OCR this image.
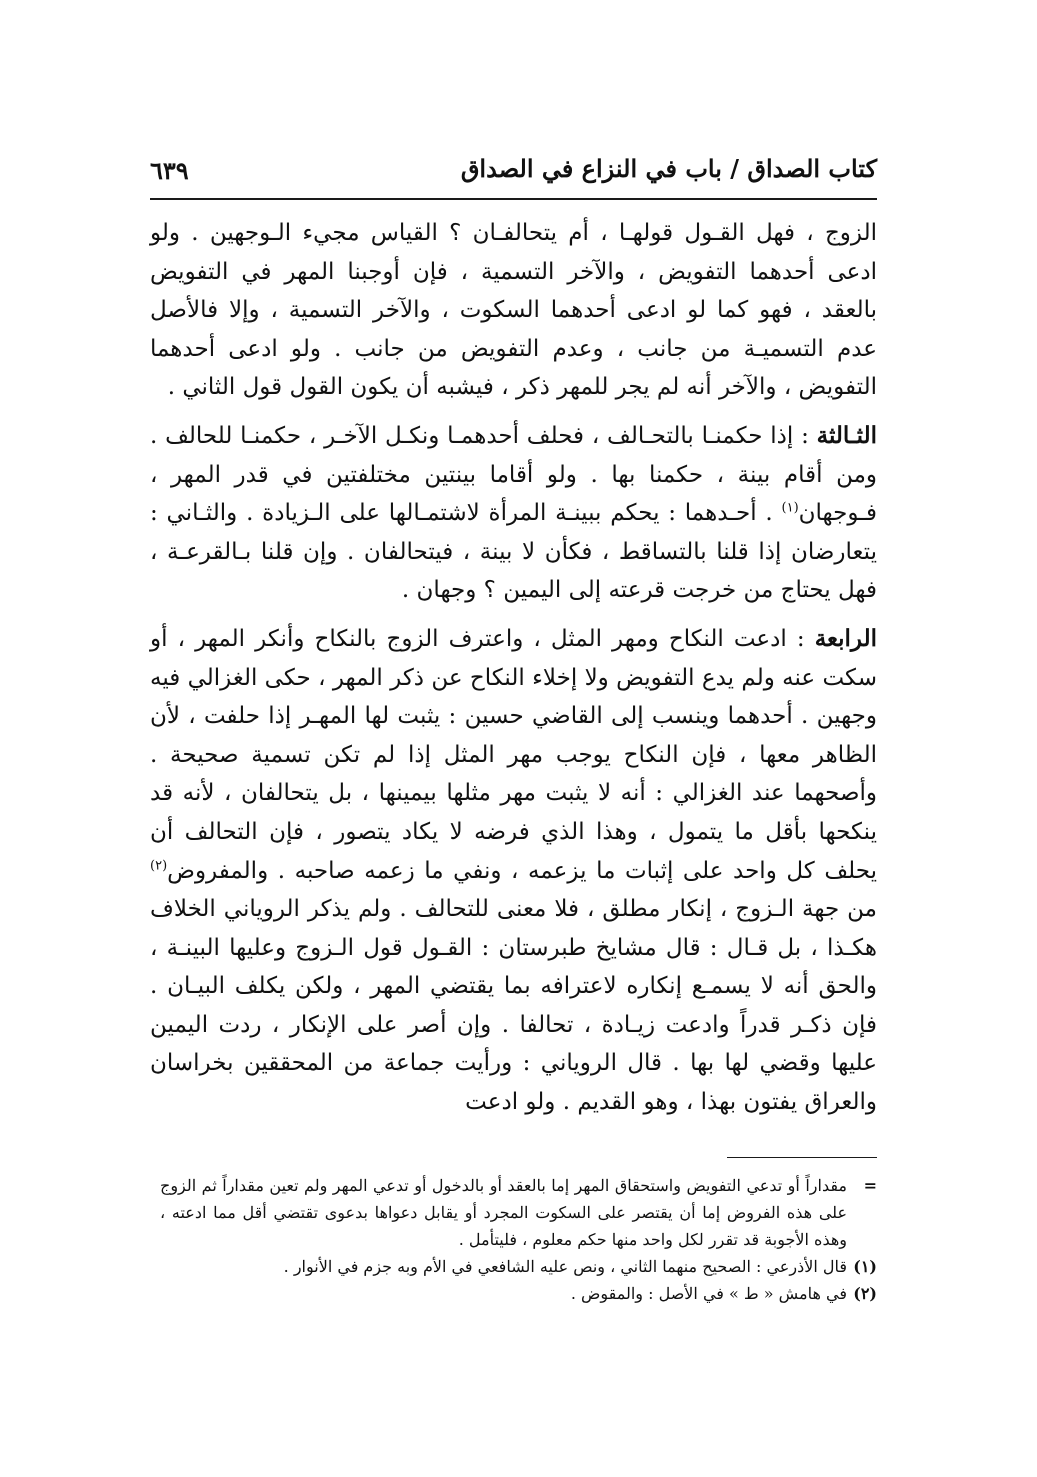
كتاب الصداق / باب في النزاع في الصداق
٦٣٩

الزوج ، فهل القـول قولهـا ، أم يتحالفـان ؟ القياس مجيء الـوجهين . ولو ادعى أحدهما التفويض ، والآخر التسمية ، فإن أوجبنا المهر في التفويض بالعقد ، فهو كما لو ادعى أحدهما السكوت ، والآخر التسمية ، وإلا فالأصل عدم التسميـة من جانب ، وعدم التفويض من جانب . ولو ادعى أحدهما التفويض ، والآخر أنه لم يجر للمهر ذكر ، فيشبه أن يكون القول قول الثاني .

الثـالثة : إذا حكمنـا بالتحـالف ، فحلف أحدهمـا ونكـل الآخـر ، حكمنـا للحالف . ومن أقام بينة ، حكمنا بها . ولو أقاما بينتين مختلفتين في قدر المهر ، فـوجهان$^{(١)}$ . أحـدهما : يحكم ببينـة المرأة لاشتمـالها على الـزيادة . والثـاني : يتعارضان إذا قلنا بالتساقط ، فكأن لا بينة ، فيتحالفان . وإن قلنا بـالقرعـة ، فهل يحتاج من خرجت قرعته إلى اليمين ؟ وجهان .

الرابعة : ادعت النكاح ومهر المثل ، واعترف الزوج بالنكاح وأنكر المهر ، أو سكت عنه ولم يدع التفويض ولا إخلاء النكاح عن ذكر المهر ، حكى الغزالي فيه وجهين . أحدهما وينسب إلى القاضي حسين : يثبت لها المهـر إذا حلفت ، لأن الظاهر معها ، فإن النكاح يوجب مهر المثل إذا لم تكن تسمية صحيحة . وأصحهما عند الغزالي : أنه لا يثبت مهر مثلها بيمينها ، بل يتحالفان ، لأنه قد ينكحها بأقل ما يتمول ، وهذا الذي فرضه لا يكاد يتصور ، فإن التحالف أن يحلف كل واحد على إثبات ما يزعمه ، ونفي ما زعمه صاحبه . والمفروض$^{(٢)}$ من جهة الـزوج ، إنكار مطلق ، فلا معنى للتحالف . ولم يذكر الروياني الخلاف هكـذا ، بل قـال : قال مشايخ طبرستان : القـول قول الـزوج وعليها البينـة ، والحق أنه لا يسمـع إنكاره لاعترافه بما يقتضي المهر ، ولكن يكلف البيـان . فإن ذكـر قدراً وادعت زيـادة ، تحالفا . وإن أصر على الإنكار ، ردت اليمين عليها وقضي لها بها . قال الروياني : ورأيت جماعة من المحققين بخراسان والعراق يفتون بهذا ، وهو القديم . ولو ادعت

=
مقداراً أو تدعي التفويض واستحقاق المهر إما بالعقد أو بالدخول أو تدعي المهر ولم تعين مقداراً ثم الزوج على هذه الفروض إما أن يقتصر على السكوت المجرد أو يقابل دعواها بدعوى تقتضي أقل مما ادعته ، وهذه الأجوبة قد تقرر لكل واحد منها حكم معلوم ، فليتأمل .
(١)
قال الأذرعي : الصحيح منهما الثاني ، ونص عليه الشافعي في الأم وبه جزم في الأنوار .
(٢)
في هامش « ط » في الأصل : والمقوض .
